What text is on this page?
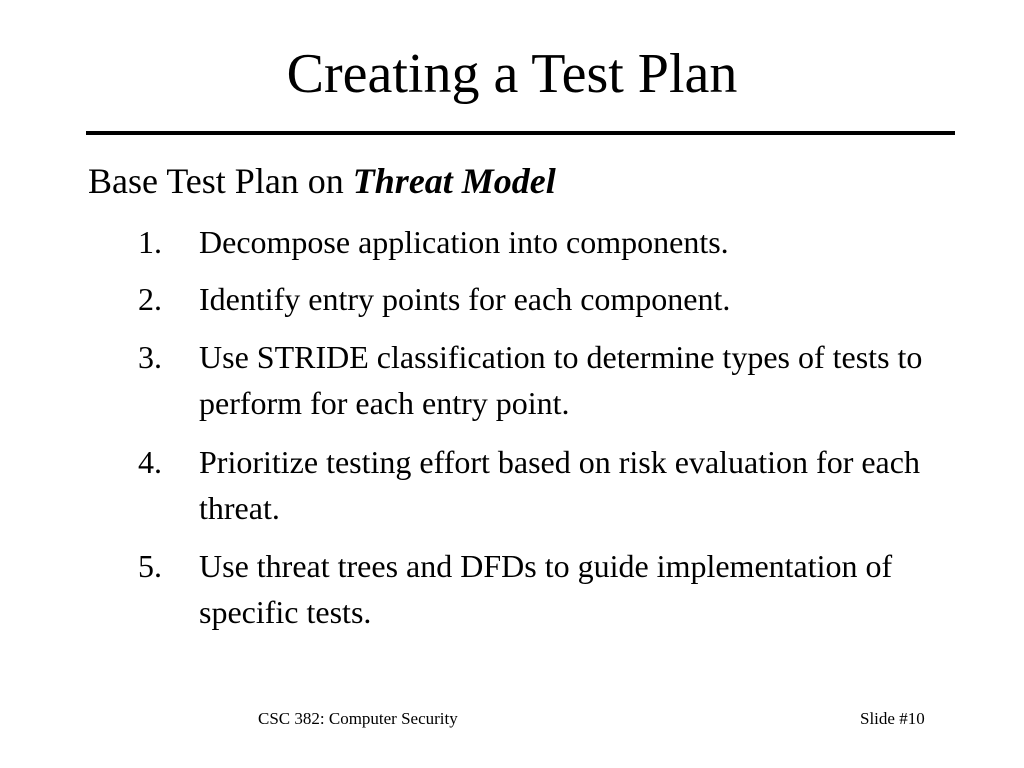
Creating a Test Plan
Base Test Plan on Threat Model
1.	Decompose application into components.
2.	Identify entry points for each component.
3.	Use STRIDE classification to determine types of tests to perform for each entry point.
4.	Prioritize testing effort based on risk evaluation for each threat.
5.	Use threat trees and DFDs to guide implementation of specific tests.
CSC 382: Computer Security	Slide #10
